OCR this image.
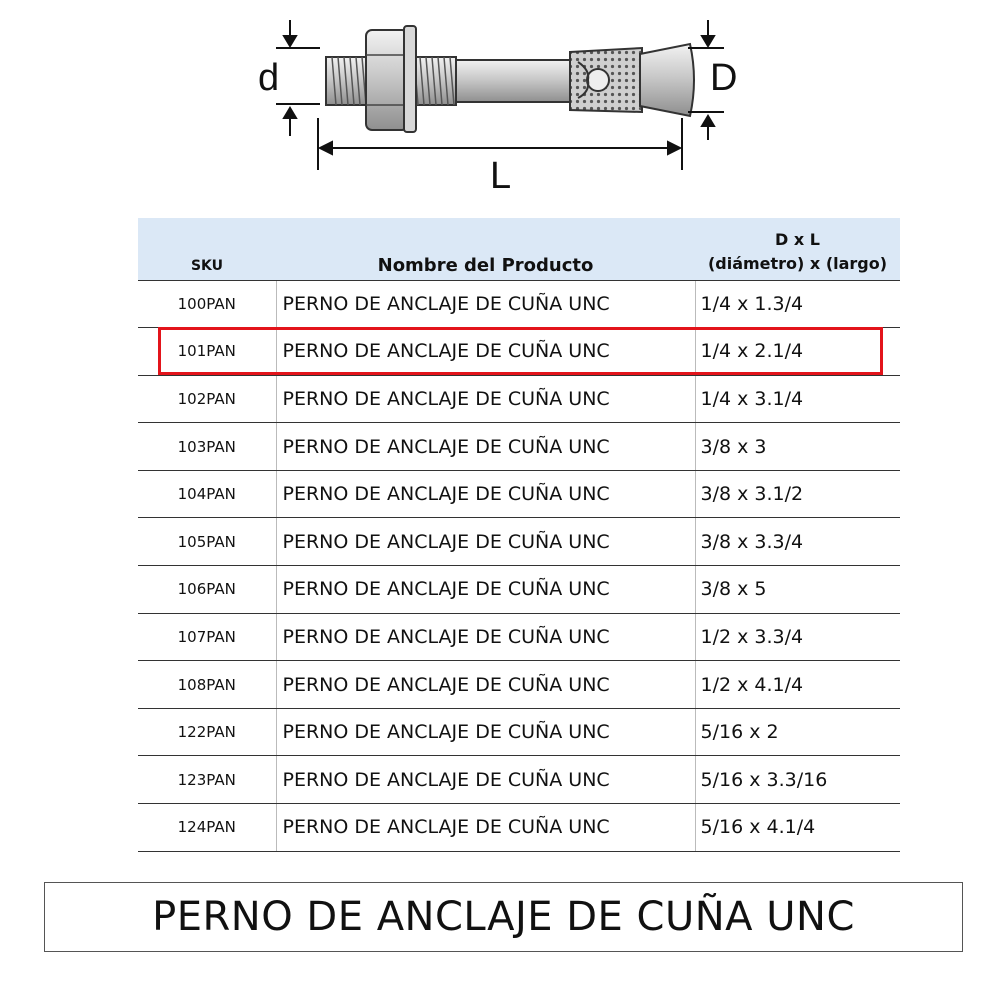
d	D
L
SKU	Nombre del Producto	D x L
(diámetro) x (largo)
100PAN	PERNO DE ANCLAJE DE CUÑA UNC	1/4 x 1.3/4
101PAN	PERNO DE ANCLAJE DE CUÑA UNC	1/4 x 2.1/4
102PAN	PERNO DE ANCLAJE DE CUÑA UNC	1/4 x 3.1/4
103PAN	PERNO DE ANCLAJE DE CUÑA UNC	3/8 x 3
104PAN	PERNO DE ANCLAJE DE CUÑA UNC	3/8 x 3.1/2
105PAN	PERNO DE ANCLAJE DE CUÑA UNC	3/8 x 3.3/4
106PAN	PERNO DE ANCLAJE DE CUÑA UNC	3/8 x 5
107PAN	PERNO DE ANCLAJE DE CUÑA UNC	1/2 x 3.3/4
108PAN	PERNO DE ANCLAJE DE CUÑA UNC	1/2 x 4.1/4
122PAN	PERNO DE ANCLAJE DE CUÑA UNC	5/16 x 2
123PAN	PERNO DE ANCLAJE DE CUÑA UNC	5/16 x 3.3/16
124PAN	PERNO DE ANCLAJE DE CUÑA UNC	5/16 x 4.1/4
PERNO DE ANCLAJE DE CUÑA UNC
